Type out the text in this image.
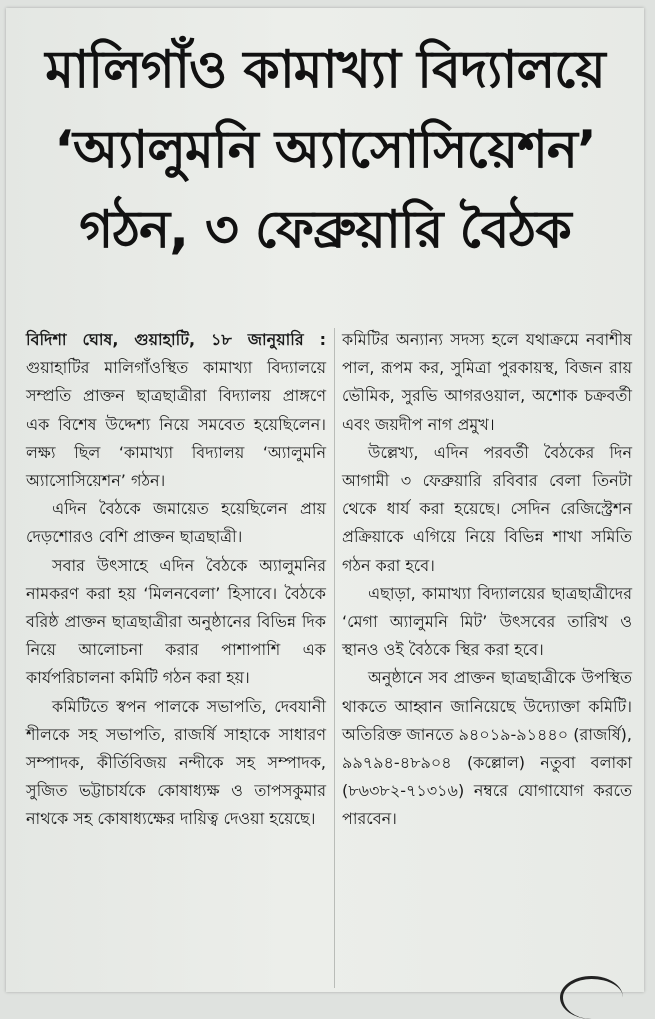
মালিগাঁও কামাখ্যা বিদ্যালয়ে
‘অ্যালুমনি অ্যাসোসিয়েশন’
গঠন, ৩ ফেব্রুয়ারি বৈঠক

বিদিশা ঘোষ, গুয়াহাটি, ১৮ জানুয়ারি : গুয়াহাটির মালিগাঁওস্থিত কামাখ্যা বিদ্যালয়ে সম্প্রতি প্রাক্তন ছাত্রছাত্রীরা বিদ্যালয় প্রাঙ্গণে এক বিশেষ উদ্দেশ্য নিয়ে সমবেত হয়েছিলেন। লক্ষ্য ছিল ‘কামাখ্যা বিদ্যালয় ‘অ্যালুমনি অ্যাসোসিয়েশন’ গঠন।

এদিন বৈঠকে জমায়েত হয়েছিলেন প্রায় দেড়শোরও বেশি প্রাক্তন ছাত্রছাত্রী।

সবার উৎসাহে এদিন বৈঠকে অ্যালুমনির নামকরণ করা হয় ‘মিলনবেলা’ হিসাবে। বৈঠকে বরিষ্ঠ প্রাক্তন ছাত্রছাত্রীরা অনুষ্ঠানের বিভিন্ন দিক নিয়ে আলোচনা করার পাশাপাশি এক কার্যপরিচালনা কমিটি গঠন করা হয়।

কমিটিতে স্বপন পালকে সভাপতি, দেবযানী শীলকে সহ সভাপতি, রাজর্ষি সাহাকে সাধারণ সম্পাদক, কীর্তিবিজয় নন্দীকে সহ সম্পাদক, সুজিত ভট্টাচার্যকে কোষাধ্যক্ষ ও তাপসকুমার নাথকে সহ কোষাধ্যক্ষের দায়িত্ব দেওয়া হয়েছে।

কমিটির অন্যান্য সদস্য হলে যথাক্রমে নবাশীষ পাল, রূপম কর, সুমিত্রা পুরকায়স্থ, বিজন রায় ভৌমিক, সুরভি আগরওয়াল, অশোক চক্রবর্তী এবং জয়দীপ নাগ প্রমুখ।

উল্লেখ্য, এদিন পরবর্তী বৈঠকের দিন আগামী ৩ ফেব্রুয়ারি রবিবার বেলা তিনটা থেকে ধার্য করা হয়েছে। সেদিন রেজিস্ট্রেশন প্রক্রিয়াকে এগিয়ে নিয়ে বিভিন্ন শাখা সমিতি গঠন করা হবে।

এছাড়া, কামাখ্যা বিদ্যালয়ের ছাত্রছাত্রীদের ‘মেগা অ্যালুমনি মিট’ উৎসবের তারিখ ও স্থানও ওই বৈঠকে স্থির করা হবে।

অনুষ্ঠানে সব প্রাক্তন ছাত্রছাত্রীকে উপস্থিত থাকতে আহ্বান জানিয়েছে উদ্যোক্তা কমিটি। অতিরিক্ত জানতে ৯৪০১৯-৯১৪৪০ (রাজর্ষি), ৯৯৭৯৪-৪৮৯০৪ (কল্লোল) নতুবা বলাকা (৮৬৩৮২-৭১৩১৬) নম্বরে যোগাযোগ করতে পারবেন।
